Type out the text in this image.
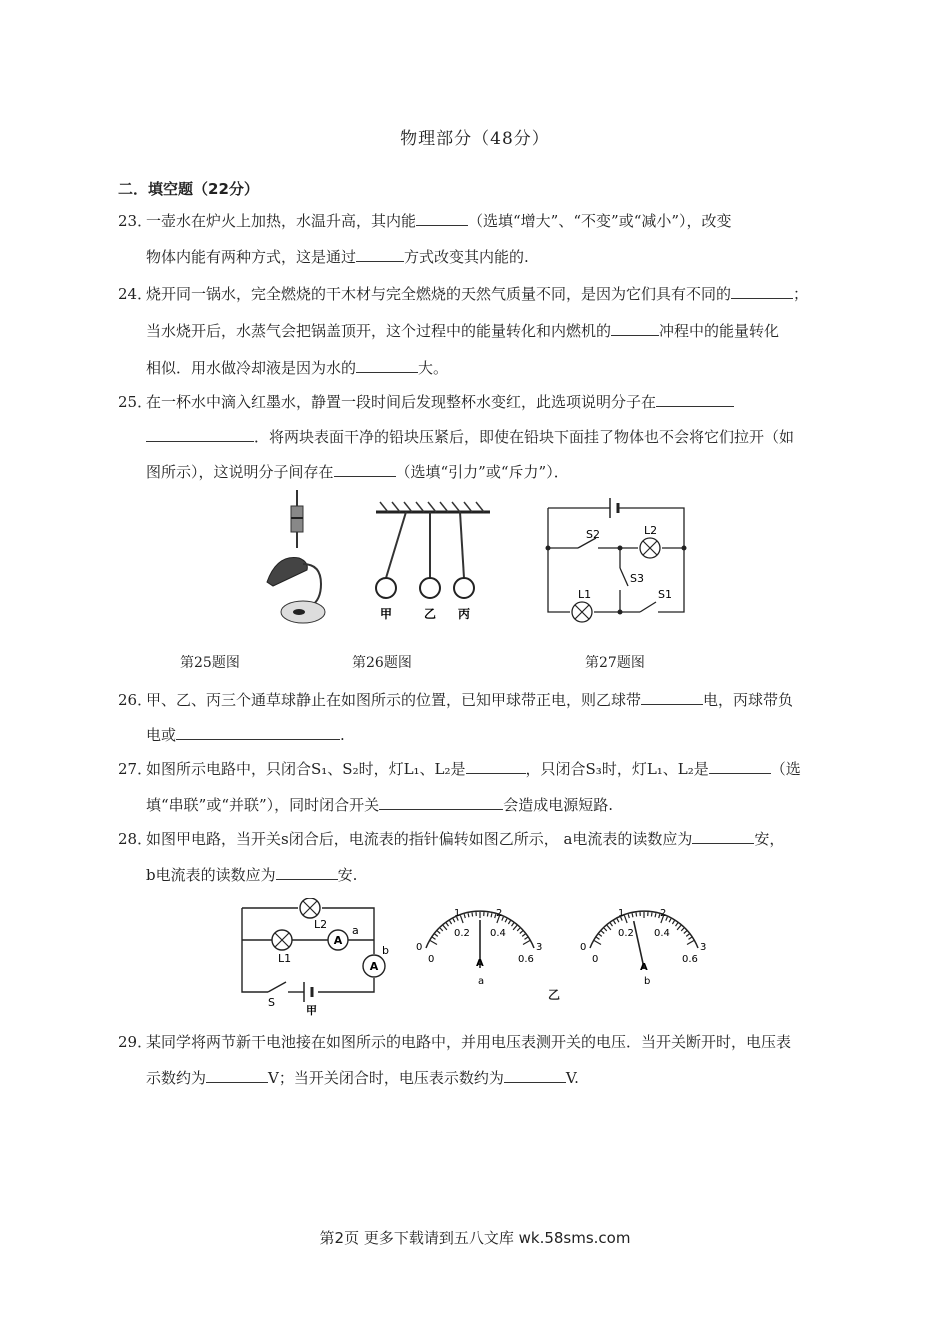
物理部分（48分）
二．填空题（22分）
23．一壶水在炉火上加热，水温升高，其内能	（选填“增大”、“不变”或“减小”），改变
物体内能有两种方式，这是通过	方式改变其内能的.
24．烧开同一锅水，完全燃烧的干木材与完全燃烧的天然气质量不同，是因为它们具有不同的	；
当水烧开后，水蒸气会把锅盖顶开，这个过程中的能量转化和内燃机的	冲程中的能量转化
相似．用水做冷却液是因为水的	大。
25．在一杯水中滴入红墨水，静置一段时间后发现整杯水变红，此选项说明分子在
．将两块表面干净的铅块压紧后，即使在铅块下面挂了物体也不会将它们拉开（如
图所示），这说明分子间存在	（选填“引力”或“斥力”）．
甲	乙 丙
S2	L2
S3
L1	S1
第25题图	第26题图	第27题图
26．甲、乙、丙三个通草球静止在如图所示的位置，已知甲球带正电，则乙球带	电，丙球带负
电或	.
27．如图所示电路中，只闭合S₁、S₂时，灯L₁、L₂是	，只闭合S₃时，灯L₁、L₂是	（选
填“串联”或“并联”），同时闭合开关	会造成电源短路.
28．如图甲电路，当开关s闭合后，电流表的指针偏转如图乙所示， a电流表的读数应为	安，
b电流表的读数应为	安.
A
A
L2 a
L1
b
S
甲
0
1	2
3
0
0.2 0.4
0.6
A
a
乙
0
1	2
3
0
0.2 0.4
0.6
A
b
29．某同学将两节新干电池接在如图所示的电路中，并用电压表测开关的电压．当开关断开时，电压表
示数约为	V；当开关闭合时，电压表示数约为	V.
第2页 更多下载请到五八文库 wk.58sms.com
